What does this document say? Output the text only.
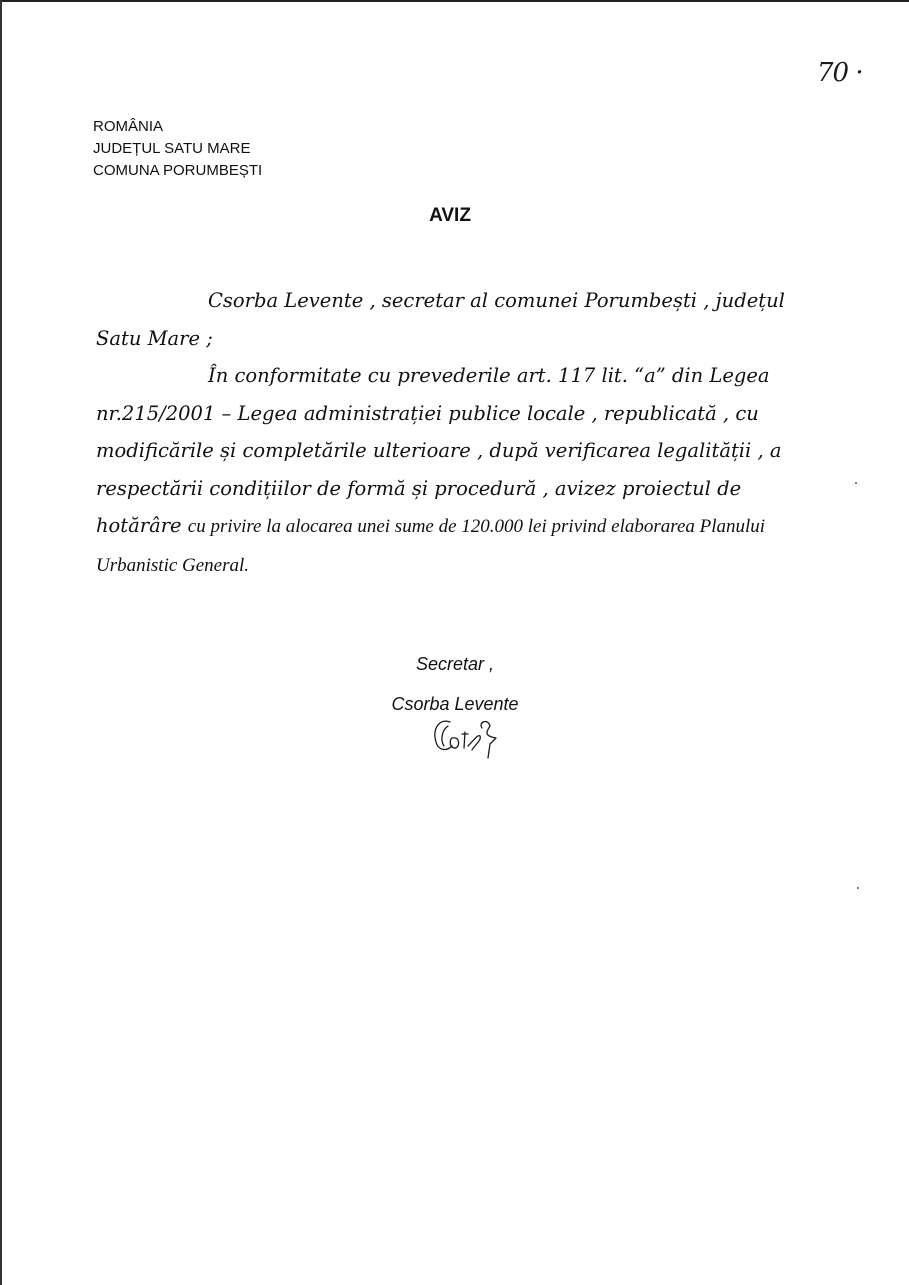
70 ·
ROMÂNIA
JUDEȚUL SATU MARE
COMUNA PORUMBEȘTI
AVIZ

Csorba Levente , secretar al comunei Porumbești , județul Satu Mare ;

În conformitate cu prevederile art. 117 lit. “a” din Legea nr.215/2001 – Legea administrației publice locale , republicată , cu modificările și completările ulterioare , după verificarea legalității , a respectării condițiilor de formă și procedură , avizez proiectul de hotărâre cu privire la alocarea unei sume de 120.000 lei privind elaborarea Planului Urbanistic General.

Secretar ,
Csorba Levente
